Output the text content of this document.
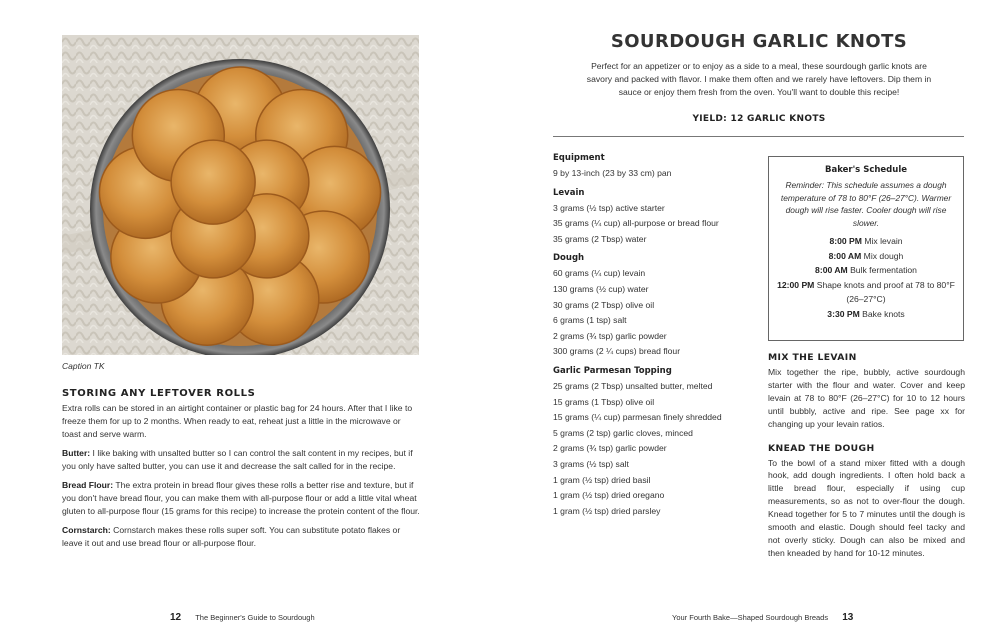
Caption TK
STORING ANY LEFTOVER ROLLS

Extra rolls can be stored in an airtight container or plastic bag for 24 hours. After that I like to freeze them for up to 2 months. When ready to eat, reheat just a little in the microwave or toast and serve warm.

Butter: I like baking with unsalted butter so I can control the salt content in my recipes, but if you only have salted butter, you can use it and decrease the salt called for in the recipe.

Bread Flour: The extra protein in bread flour gives these rolls a better rise and texture, but if you don't have bread flour, you can make them with all-purpose flour or add a little vital wheat gluten to all-purpose flour (15 grams for this recipe) to increase the protein content of the flour.

Cornstarch: Cornstarch makes these rolls super soft. You can substitute potato flakes or leave it out and use bread flour or all-purpose flour.

12 The Beginner's Guide to Sourdough
SOURDOUGH GARLIC KNOTS
Perfect for an appetizer or to enjoy as a side to a meal, these sourdough garlic knots are savory and packed with flavor. I make them often and we rarely have leftovers. Dip them in sauce or enjoy them fresh from the oven. You'll want to double this recipe!
YIELD: 12 GARLIC KNOTS
Equipment
9 by 13-inch (23 by 33 cm) pan
Levain
3 grams (½ tsp) active starter
35 grams (¼ cup) all-purpose or bread flour
35 grams (2 Tbsp) water
Dough
60 grams (¼ cup) levain
130 grams (½ cup) water
30 grams (2 Tbsp) olive oil
6 grams (1 tsp) salt
2 grams (¾ tsp) garlic powder
300 grams (2 ¼ cups) bread flour
Garlic Parmesan Topping
25 grams (2 Tbsp) unsalted butter, melted
15 grams (1 Tbsp) olive oil
15 grams (¼ cup) parmesan finely shredded
5 grams (2 tsp) garlic cloves, minced
2 grams (¾ tsp) garlic powder
3 grams (½ tsp) salt
1 gram (½ tsp) dried basil
1 gram (½ tsp) dried oregano
1 gram (½ tsp) dried parsley
Baker's Schedule
Reminder: This schedule assumes a dough temperature of 78 to 80°F (26–27°C). Warmer dough will rise faster. Cooler dough will rise slower.
8:00 PM Mix levain
8:00 AM Mix dough
8:00 AM Bulk fermentation
12:00 PM Shape knots and proof at 78 to 80°F (26–27°C)
3:30 PM Bake knots
MIX THE LEVAIN

Mix together the ripe, bubbly, active sourdough starter with the flour and water. Cover and keep levain at 78 to 80°F (26–27°C) for 10 to 12 hours until bubbly, active and ripe. See page xx for changing up your levain ratios.

KNEAD THE DOUGH

To the bowl of a stand mixer fitted with a dough hook, add dough ingredients. I often hold back a little bread flour, especially if using cup measurements, so as not to over-flour the dough. Knead together for 5 to 7 minutes until the dough is smooth and elastic. Dough should feel tacky and not overly sticky. Dough can also be mixed and then kneaded by hand for 10-12 minutes.

Your Fourth Bake—Shaped Sourdough Breads 13
